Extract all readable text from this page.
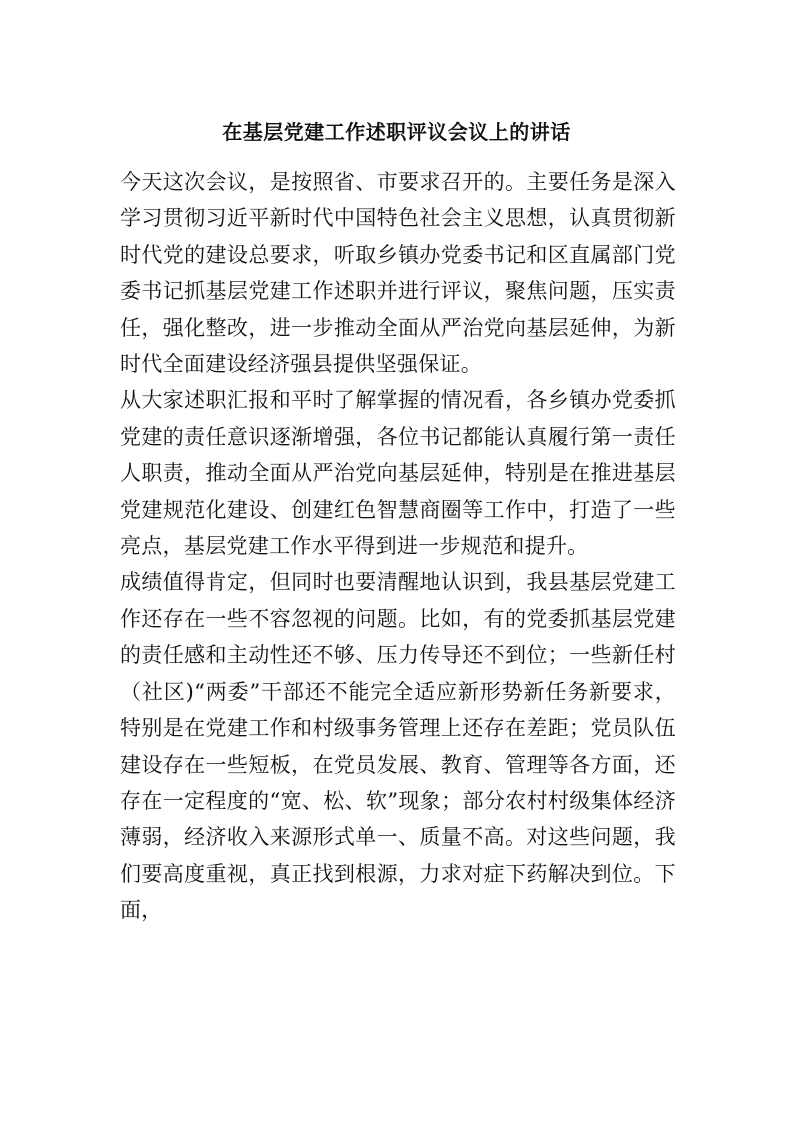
在基层党建工作述职评议会议上的讲话

今天这次会议，是按照省、市要求召开的。主要任务是深入学习贯彻习近平新时代中国特色社会主义思想，认真贯彻新时代党的建设总要求，听取乡镇办党委书记和区直属部门党委书记抓基层党建工作述职并进行评议，聚焦问题，压实责任，强化整改，进一步推动全面从严治党向基层延伸，为新时代全面建设经济强县提供坚强保证。

从大家述职汇报和平时了解掌握的情况看，各乡镇办党委抓党建的责任意识逐渐增强，各位书记都能认真履行第一责任人职责，推动全面从严治党向基层延伸，特别是在推进基层党建规范化建设、创建红色智慧商圈等工作中，打造了一些亮点，基层党建工作水平得到进一步规范和提升。

成绩值得肯定，但同时也要清醒地认识到，我县基层党建工作还存在一些不容忽视的问题。比如，有的党委抓基层党建的责任感和主动性还不够、压力传导还不到位；一些新任村（社区)“两委”干部还不能完全适应新形势新任务新要求，特别是在党建工作和村级事务管理上还存在差距；党员队伍建设存在一些短板，在党员发展、教育、管理等各方面，还存在一定程度的“宽、松、软”现象；部分农村村级集体经济薄弱，经济收入来源形式单一、质量不高。对这些问题，我们要高度重视，真正找到根源，力求对症下药解决到位。下面，
